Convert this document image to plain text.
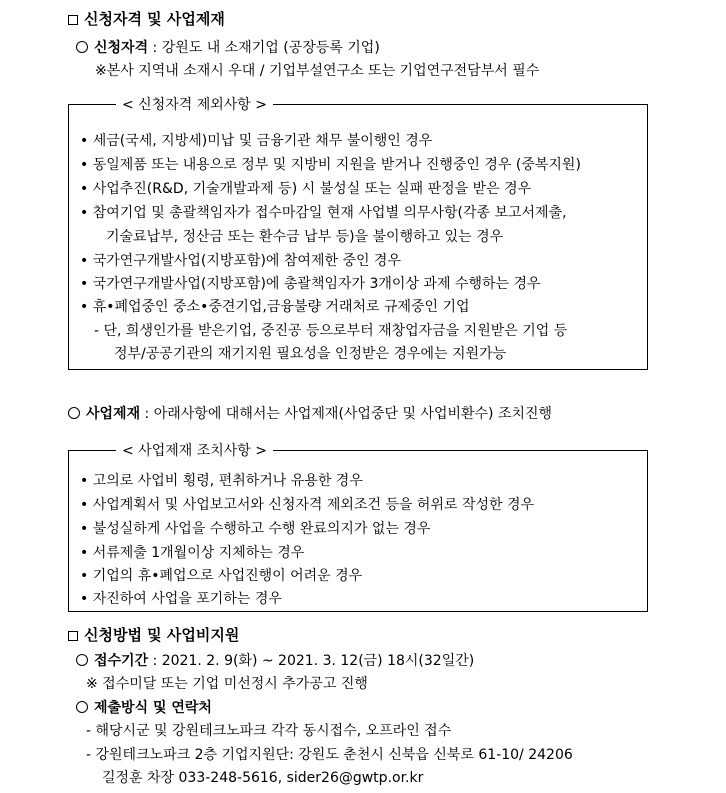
신청자격 및 사업제재
신청자격 : 강원도 내 소재기업 (공장등록 기업)
※본사 지역내 소재시 우대 / 기업부설연구소 또는 기업연구전담부서 필수
< 신청자격 제외사항 >
• 세금(국세, 지방세)미납 및 금융기관 채무 불이행인 경우
• 동일제품 또는 내용으로 정부 및 지방비 지원을 받거나 진행중인 경우 (중복지원)
• 사업추진(R&D, 기술개발과제 등) 시 불성실 또는 실패 판정을 받은 경우
• 참여기업 및 총괄책임자가 접수마감일 현재 사업별 의무사항(각종 보고서제출,
기술료납부, 정산금 또는 환수금 납부 등)을 불이행하고 있는 경우
• 국가연구개발사업(지방포함)에 참여제한 중인 경우
• 국가연구개발사업(지방포함)에 총괄책임자가 3개이상 과제 수행하는 경우
• 휴•폐업중인 중소•중견기업,금융불량 거래처로 규제중인 기업
- 단, 희생인가를 받은기업, 중진공 등으로부터 재창업자금을 지원받은 기업 등
정부/공공기관의 재기지원 필요성을 인정받은 경우에는 지원가능
사업제재 : 아래사항에 대해서는 사업제재(사업중단 및 사업비환수) 조치진행
< 사업제재 조치사항 >
• 고의로 사업비 횡령, 편취하거나 유용한 경우
• 사업계획서 및 사업보고서와 신청자격 제외조건 등을 허위로 작성한 경우
• 불성실하게 사업을 수행하고 수행 완료의지가 없는 경우
• 서류제출 1개월이상 지체하는 경우
• 기업의 휴•폐업으로 사업진행이 어려운 경우
• 자진하여 사업을 포기하는 경우
신청방법 및 사업비지원
접수기간 : 2021. 2. 9(화) ~ 2021. 3. 12(금) 18시(32일간)
※ 접수미달 또는 기업 미선정시 추가공고 진행
제출방식 및 연락처
- 해당시군 및 강원테크노파크 각각 동시접수, 오프라인 접수
- 강원테크노파크 2층 기업지원단: 강원도 춘천시 신북읍 신북로 61-10/ 24206
길정훈 차장 033-248-5616, sider26@gwtp.or.kr
